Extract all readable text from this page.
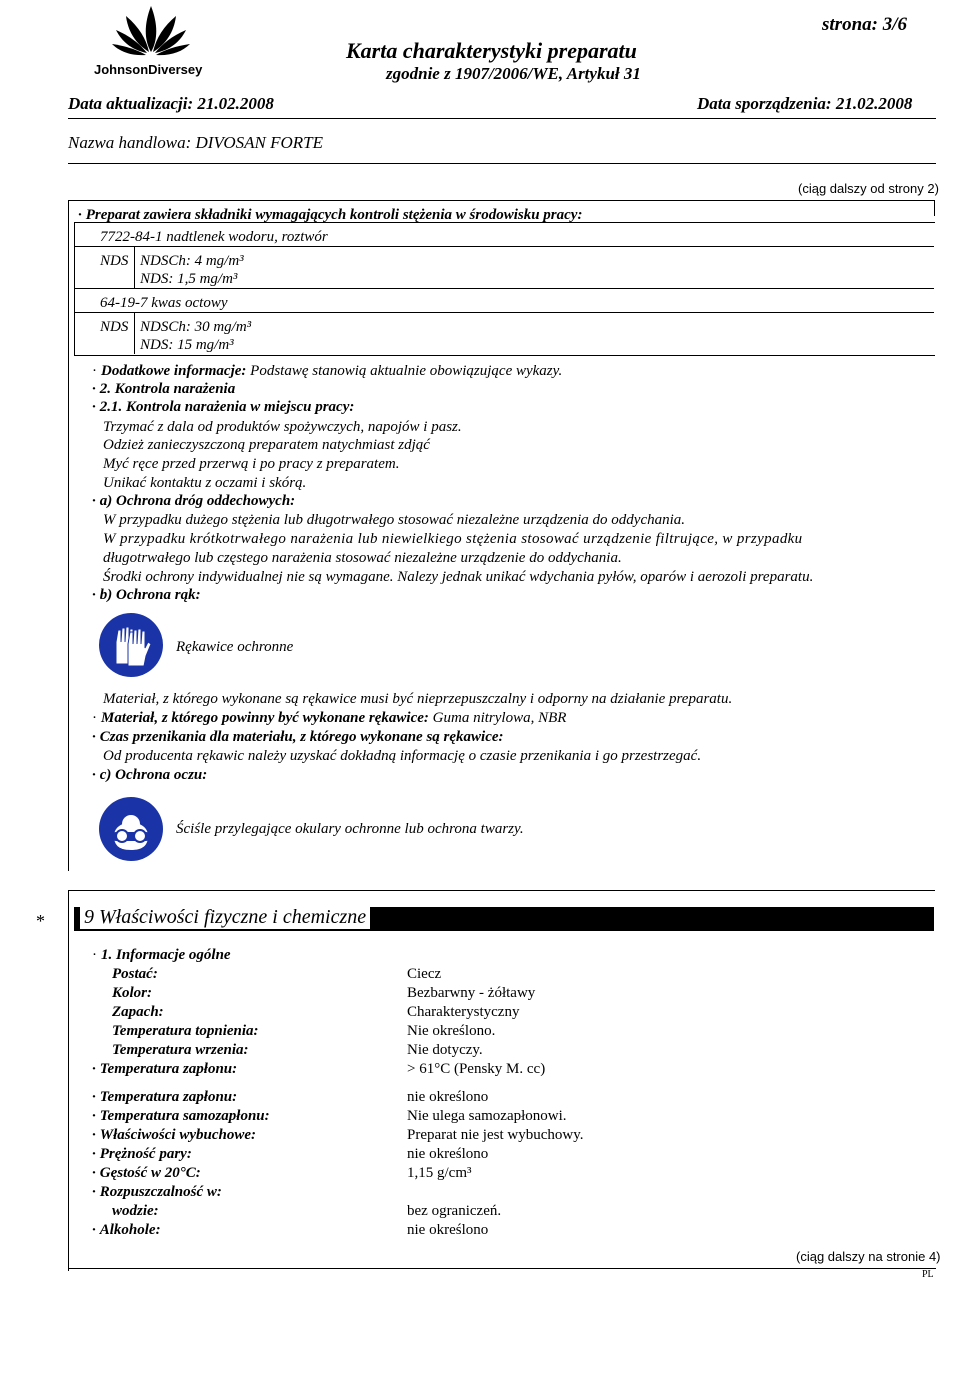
JohnsonDiversey
Karta charakterystyki preparatu
zgodnie z 1907/2006/WE, Artykuł 31
strona: 3/6
Data aktualizacji: 21.02.2008	Data sporządzenia: 21.02.2008
Nazwa handlowa: DIVOSAN FORTE
(ciąg dalszy od strony 2)
· Preparat zawiera składniki wymagających kontroli stężenia w środowisku pracy:
7722-84-1 nadtlenek wodoru, roztwór
NDS NDSCh: 4 mg/m³
NDS: 1,5 mg/m³
64-19-7 kwas octowy
NDS NDSCh: 30 mg/m³
NDS: 15 mg/m³
· Dodatkowe informacje: Podstawę stanowią aktualnie obowiązujące wykazy.
· 2. Kontrola narażenia
· 2.1. Kontrola narażenia w miejscu pracy:
Trzymać z dala od produktów spożywczych, napojów i pasz.
Odzież zanieczyszczoną preparatem natychmiast zdjąć
Myć ręce przed przerwą i po pracy z preparatem.
Unikać kontaktu z oczami i skórą.
· a) Ochrona dróg oddechowych:
W przypadku dużego stężenia lub długotrwałego stosować niezależne urządzenia do oddychania.
W przypadku krótkotrwałego narażenia lub niewielkiego stężenia stosować urządzenie filtrujące, w przypadku
długotrwałego lub częstego narażenia stosować niezależne urządzenie do oddychania.
Środki ochrony indywidualnej nie są wymagane. Nalezy jednak unikać wdychania pyłów, oparów i aerozoli preparatu.
· b) Ochrona rąk:
Rękawice ochronne
Materiał, z którego wykonane są rękawice musi być nieprzepuszczalny i odporny na działanie preparatu.
· Materiał, z którego powinny być wykonane rękawice: Guma nitrylowa, NBR
· Czas przenikania dla materiału, z którego wykonane są rękawice:
Od producenta rękawic należy uzyskać dokładną informację o czasie przenikania i go przestrzegać.
· c) Ochrona oczu:
Ściśle przylegające okulary ochronne lub ochrona twarzy.
* 9 Właściwości fizyczne i chemiczne
· 1. Informacje ogólne
Postać:	Ciecz
Kolor:	Bezbarwny - żółtawy
Zapach:	Charakterystyczny
Temperatura topnienia:	Nie określono.
Temperatura wrzenia:	Nie dotyczy.
· Temperatura zapłonu:	> 61°C (Pensky M. cc)
· Temperatura zapłonu:	nie określono
· Temperatura samozapłonu:	Nie ulega samozapłonowi.
· Właściwości wybuchowe:	Preparat nie jest wybuchowy.
· Prężność pary:	nie określono
· Gęstość w 20°C:	1,15 g/cm³
· Rozpuszczalność w:
wodzie:	bez ograniczeń.
· Alkohole:	nie określono
(ciąg dalszy na stronie 4)
PL
